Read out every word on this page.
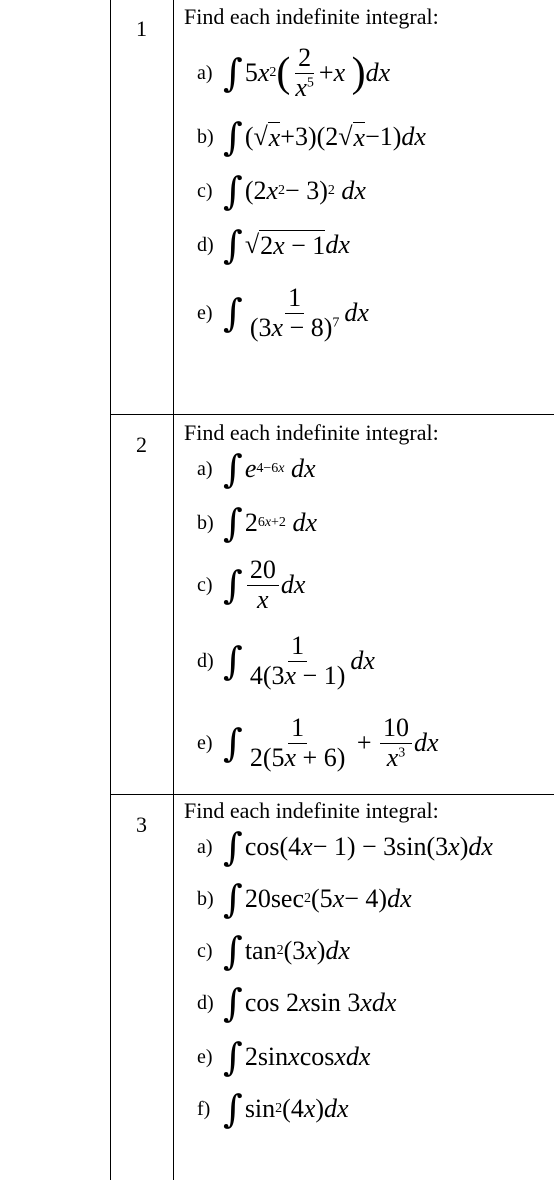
1 Find each indefinite integral:
a) ∫ 5 x 2 ( $\frac{2}{x^5} + x$
) dx
b) ∫ (√ x +3)(2√ x −1) dx
c) ∫ (2 x 2 − 3) 2
dx
d) ∫ √ 2x − 1 dx
e) ∫ $\frac{1}{(3x - 8)^7}$ dx
2 Find each indefinite integral:
a) ∫ e 4−6x
dx
b) ∫ 2 6x+2
dx
c) ∫ $\frac{20}{x}$ dx
d) ∫ $\frac{1}{4(3x - 1)}$ dx
e) ∫ $\frac{1}{2(5x + 6)} + \frac{10}{x^3}$ dx
3
Find each indefinite integral:
a) ∫ cos(4 x − 1) − 3sin(3 x ) dx
b) ∫ 20sec 2 (5 x − 4) dx
c) ∫ tan 2 (3 x ) dx
d) ∫ cos 2 x sin 3 xdx
e) ∫ 2sin x cos xdx
f) ∫ sin 2 (4 x ) dx
